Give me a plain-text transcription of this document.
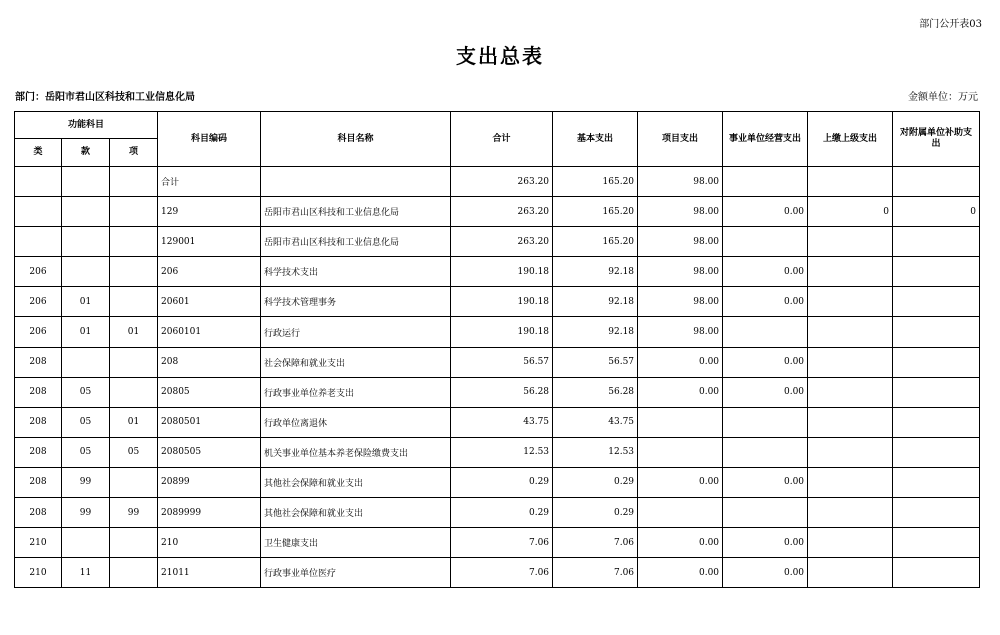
部门公开表03
支出总表
部门：岳阳市君山区科技和工业信息化局	金额单位：万元
功能科目			科目编码	科目名称	合计	基本支出	项目支出	事业单位经营支出	上缴上级支出	对附属单位补助支出
类	款	项								
			合计		263.20	165.20	98.00			
			129	岳阳市君山区科技和工业信息化局	263.20	165.20	98.00	0.00	0	0
			129001	岳阳市君山区科技和工业信息化局	263.20	165.20	98.00			
206			206	科学技术支出	190.18	92.18	98.00	0.00		
206	01		20601	科学技术管理事务	190.18	92.18	98.00	0.00		
206	01	01	2060101	行政运行	190.18	92.18	98.00			
208			208	社会保障和就业支出	56.57	56.57	0.00	0.00		
208	05		20805	行政事业单位养老支出	56.28	56.28	0.00	0.00		
208	05	01	2080501	行政单位离退休	43.75	43.75				
208	05	05	2080505	机关事业单位基本养老保险缴费支出	12.53	12.53				
208	99		20899	其他社会保障和就业支出	0.29	0.29	0.00	0.00		
208	99	99	2089999	其他社会保障和就业支出	0.29	0.29				
210			210	卫生健康支出	7.06	7.06	0.00	0.00		
210	11		21011	行政事业单位医疗	7.06	7.06	0.00	0.00		
